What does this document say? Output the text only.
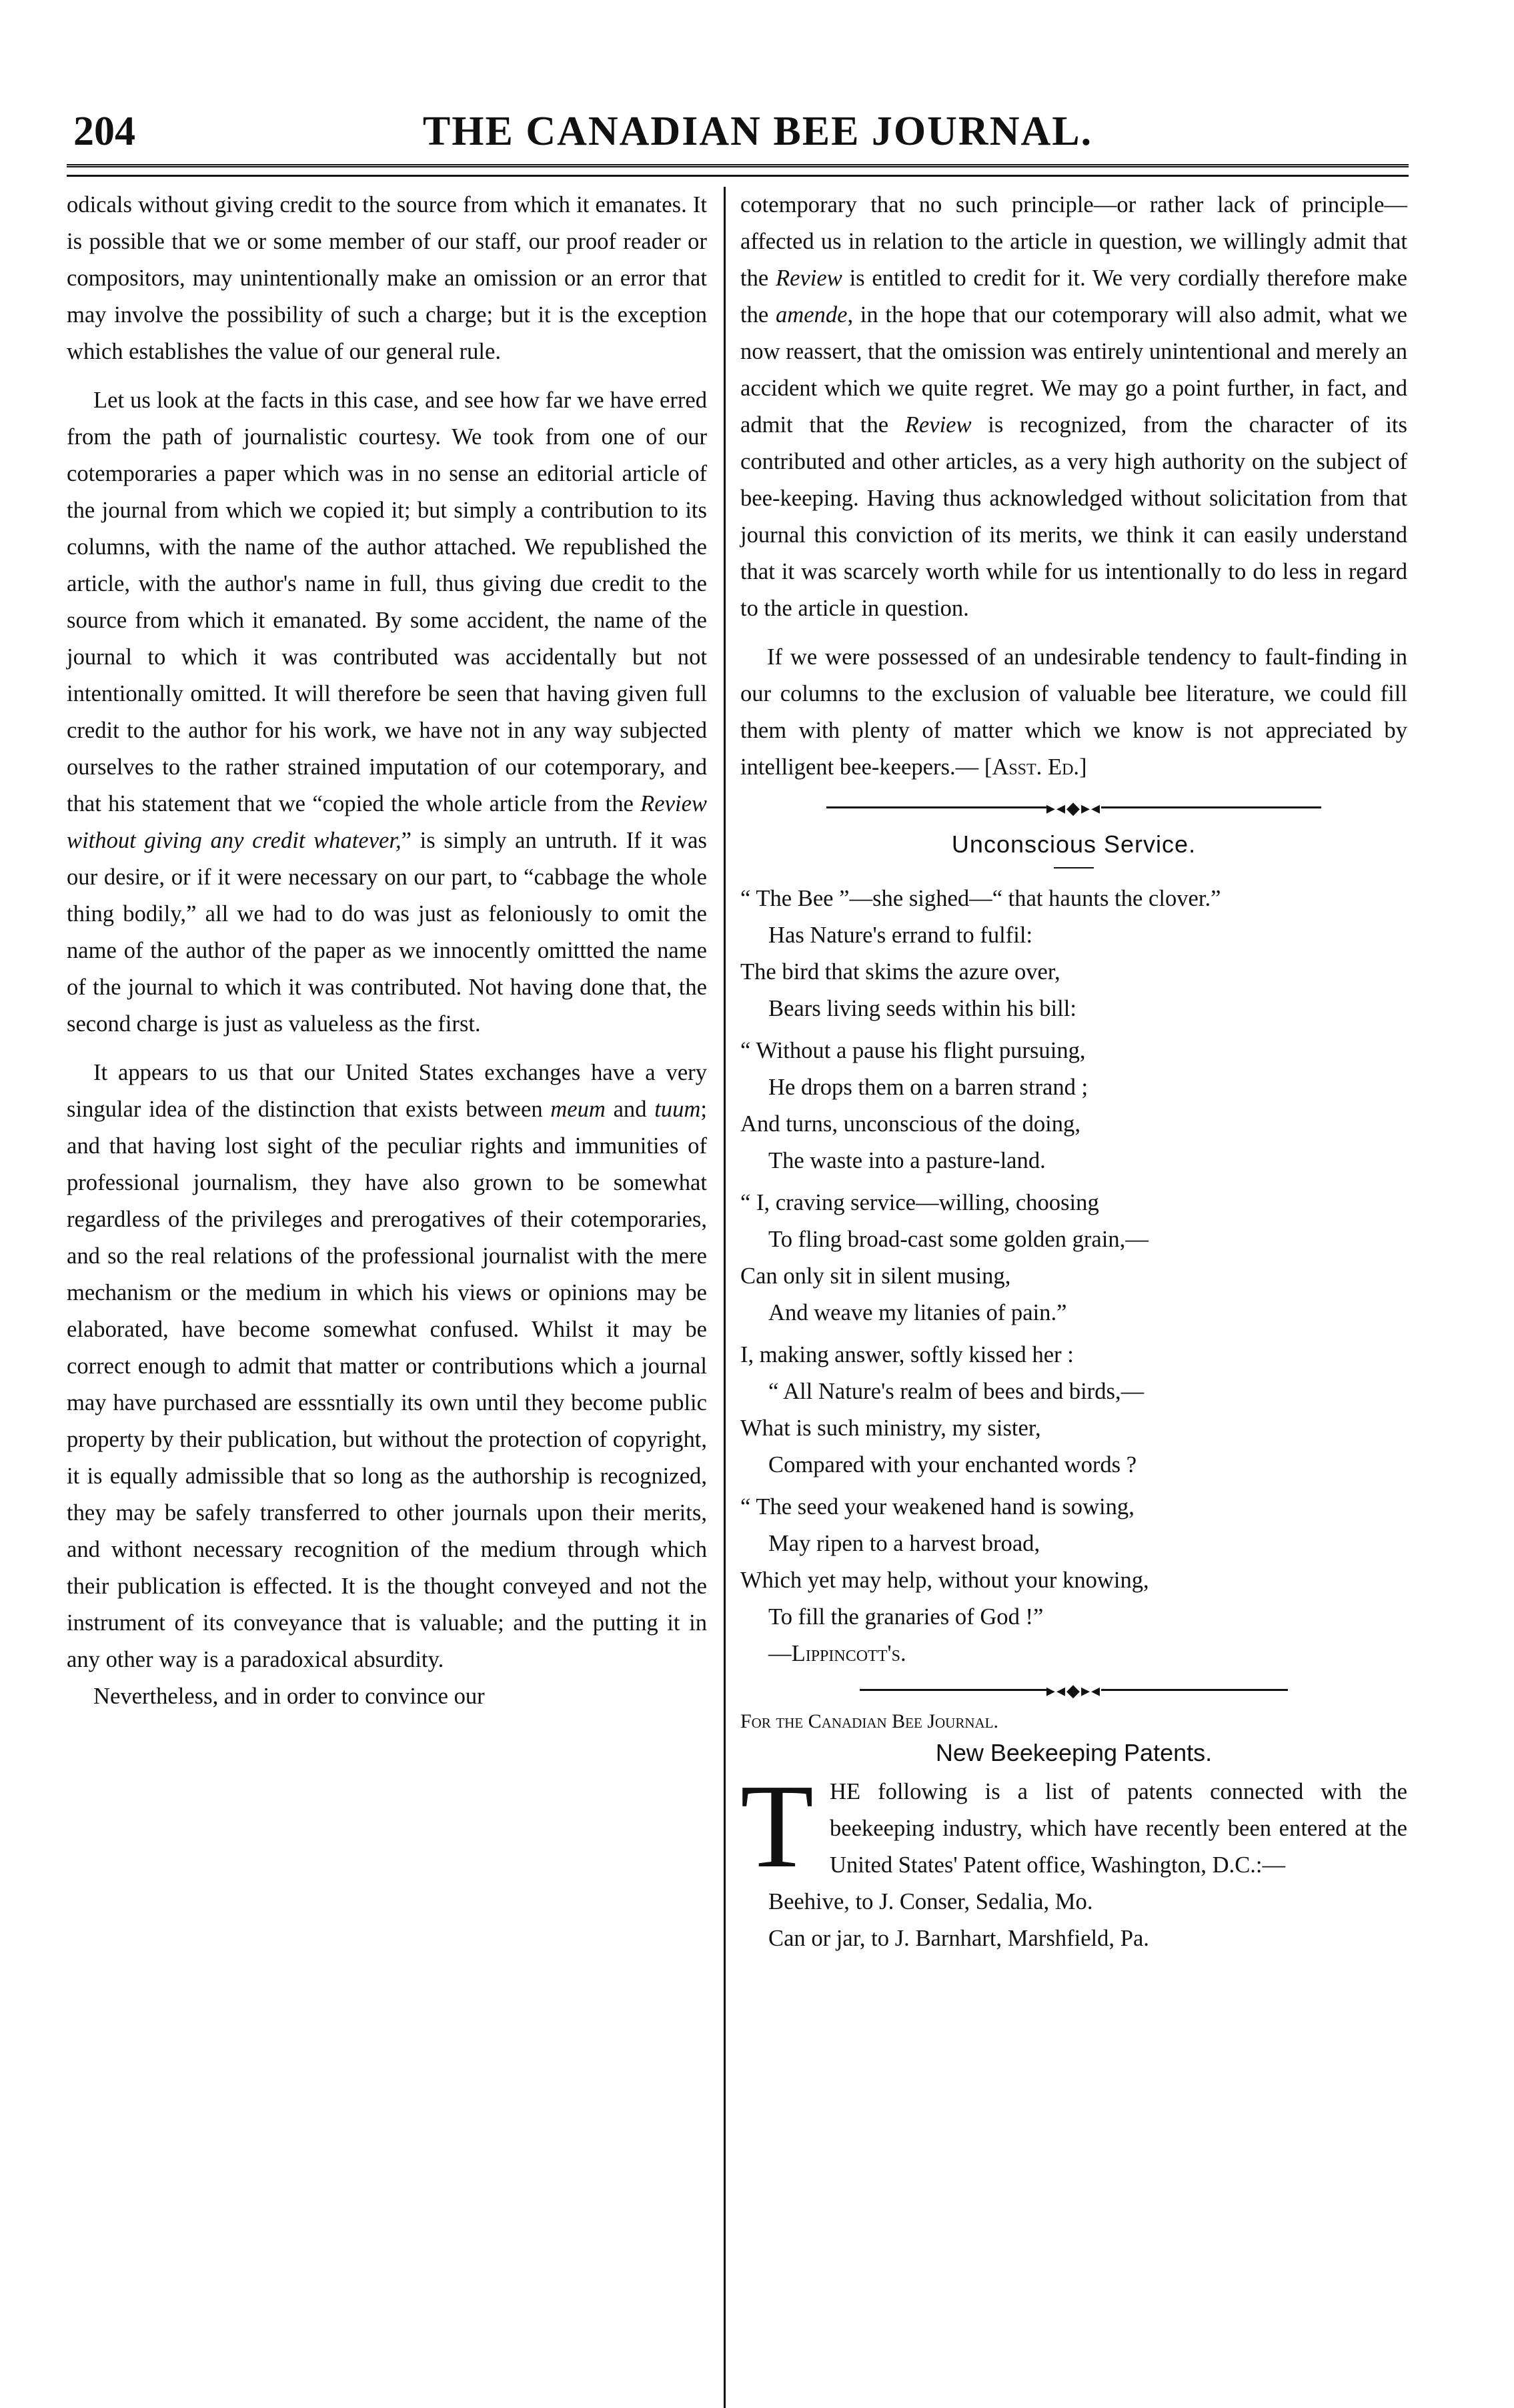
204	THE CANADIAN BEE JOURNAL.

odicals without giving credit to the source from which it emanates. It is possible that we or some member of our staff, our proof reader or compositors, may unintentionally make an omission or an error that may involve the possibility of such a charge; but it is the exception which establishes the value of our general rule.

Let us look at the facts in this case, and see how far we have erred from the path of journalistic courtesy. We took from one of our cotemporaries a paper which was in no sense an editorial article of the journal from which we copied it; but simply a contribution to its columns, with the name of the author attached. We republished the article, with the author's name in full, thus giving due credit to the source from which it emanated. By some accident, the name of the journal to which it was contributed was accidentally but not intentionally omitted. It will therefore be seen that having given full credit to the author for his work, we have not in any way subjected ourselves to the rather strained imputation of our cotemporary, and that his statement that we “copied the whole article from the Review without giving any credit whatever,” is simply an untruth. If it was our desire, or if it were necessary on our part, to “cabbage the whole thing bodily,” all we had to do was just as feloniously to omit the name of the author of the paper as we innocently omittted the name of the journal to which it was contributed. Not having done that, the second charge is just as valueless as the first.

It appears to us that our United States exchanges have a very singular idea of the distinction that exists between meum and tuum; and that having lost sight of the peculiar rights and immunities of professional journalism, they have also grown to be somewhat regardless of the privileges and prerogatives of their cotemporaries, and so the real relations of the professional journalist with the mere mechanism or the medium in which his views or opinions may be elaborated, have become somewhat confused. Whilst it may be correct enough to admit that matter or contributions which a journal may have purchased are esssntially its own until they become public property by their publication, but without the protection of copyright, it is equally admissible that so long as the authorship is recognized, they may be safely transferred to other journals upon their merits, and withont necessary recognition of the medium through which their publication is effected. It is the thought conveyed and not the instrument of its conveyance that is valuable; and the putting it in any other way is a paradoxical absurdity.

Nevertheless, and in order to convince our

cotemporary that no such principle—or rather lack of principle—affected us in relation to the article in question, we willingly admit that the Review is entitled to credit for it. We very cordially therefore make the amende, in the hope that our cotemporary will also admit, what we now reassert, that the omission was entirely unintentional and merely an accident which we quite regret. We may go a point further, in fact, and admit that the Review is recognized, from the character of its contributed and other articles, as a very high authority on the subject of bee-keeping. Having thus acknowledged without solicitation from that journal this conviction of its merits, we think it can easily understand that it was scarcely worth while for us intentionally to do less in regard to the article in question.

If we were possessed of an undesirable tendency to fault-finding in our columns to the exclusion of valuable bee literature, we could fill them with plenty of matter which we know is not appreciated by intelligent bee-keepers.— [Asst. Ed.]

▸◂◆▸◂
Unconscious Service.
“ The Bee ”—she sighed—“ that haunts the clover.”
Has Nature's errand to fulfil:
The bird that skims the azure over,
Bears living seeds within his bill:
“ Without a pause his flight pursuing,
He drops them on a barren strand ;
And turns, unconscious of the doing,
The waste into a pasture-land.
“ I, craving service—willing, choosing
To fling broad-cast some golden grain,—
Can only sit in silent musing,
And weave my litanies of pain.”
I, making answer, softly kissed her :
“ All Nature's realm of bees and birds,—
What is such ministry, my sister,
Compared with your enchanted words ?
“ The seed your weakened hand is sowing,
May ripen to a harvest broad,
Which yet may help, without your knowing,
To fill the granaries of God !”
—Lippincott's.
▸◂◆▸◂
For the Canadian Bee Journal.
New Beekeeping Patents.
T HE following is a list of patents connected with the beekeeping industry, which have recently been entered at the United States' Patent office, Washington, D.C.:—

Beehive, to J. Conser, Sedalia, Mo.
Can or jar, to J. Barnhart, Marshfield, Pa.
